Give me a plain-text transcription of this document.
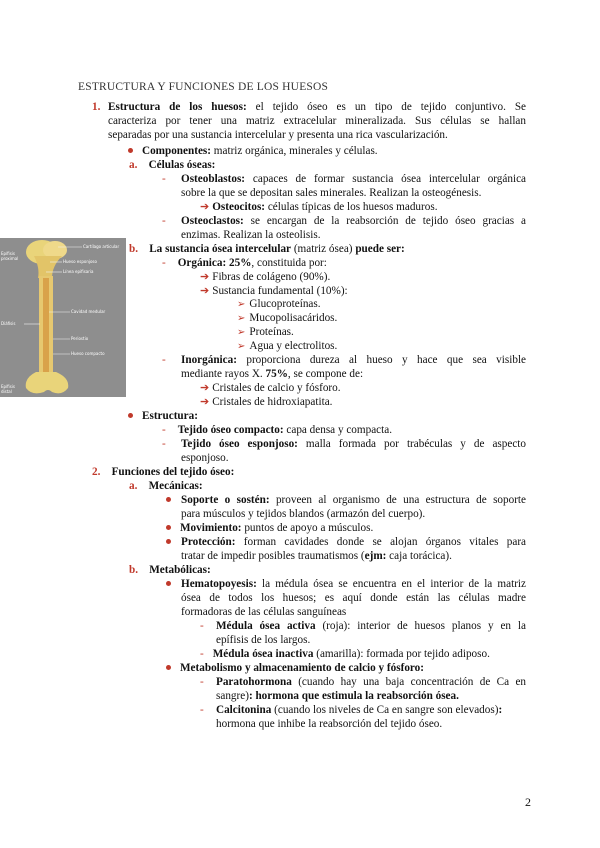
ESTRUCTURA Y FUNCIONES DE LOS HUESOS
1. Estructura de los huesos: el tejido óseo es un tipo de tejido conjuntivo. Se
caracteriza por tener una matriz extracelular mineralizada. Sus células se hallan
separadas por una sustancia intercelular y presenta una rica vascularización.
Componentes: matriz orgánica, minerales y células.
a. Células óseas:
-	Osteoblastos: capaces de formar sustancia ósea intercelular orgánica
sobre la que se depositan sales minerales. Realizan la osteogénesis.
➔ Osteocitos: células típicas de los huesos maduros.
-	Osteoclastos: se encargan de la reabsorción de tejido óseo gracias a
enzimas. Realizan la osteolisis.
Epífisis
proximal
Cartílago articular
Hueso esponjoso
Línea epifisaria
Cavidad medular
Diáfisis
Periostio
Hueso compacto
Epífisis
distal
b. La sustancia ósea intercelular (matriz ósea) puede ser:
- Orgánica: 25%, constituida por:
➔ Fibras de colágeno (90%).
➔ Sustancia fundamental (10%):
➢ Glucoproteínas.
➢ Mucopolisacáridos.
➢ Proteínas.
➢ Agua y electrolitos.
-	Inorgánica: proporciona dureza al hueso y hace que sea visible
mediante rayos X. 75%, se compone de:
➔ Cristales de calcio y fósforo.
➔ Cristales de hidroxiapatita.
Estructura:
- Tejido óseo compacto: capa densa y compacta.
-	Tejido óseo esponjoso: malla formada por trabéculas y de aspecto
esponjoso.
2. Funciones del tejido óseo:
a. Mecánicas:
Soporte o sostén: proveen al organismo de una estructura de soporte
para músculos y tejidos blandos (armazón del cuerpo).
Movimiento: puntos de apoyo a músculos.
Protección: forman cavidades donde se alojan órganos vitales para
tratar de impedir posibles traumatismos (ejm: caja torácica).
b. Metabólicas:
Hematopoyesis: la médula ósea se encuentra en el interior de la matriz
ósea de todos los huesos; es aquí donde están las células madre
formadoras de las células sanguíneas
-	Médula ósea activa (roja): interior de huesos planos y en la
epífisis de los largos.
- Médula ósea inactiva (amarilla): formada por tejido adiposo.
Metabolismo y almacenamiento de calcio y fósforo:
-	Paratohormona (cuando hay una baja concentración de Ca en
sangre): hormona que estimula la reabsorción ósea.
-	Calcitonina (cuando los niveles de Ca en sangre son elevados):
hormona que inhibe la reabsorción del tejido óseo.
2
